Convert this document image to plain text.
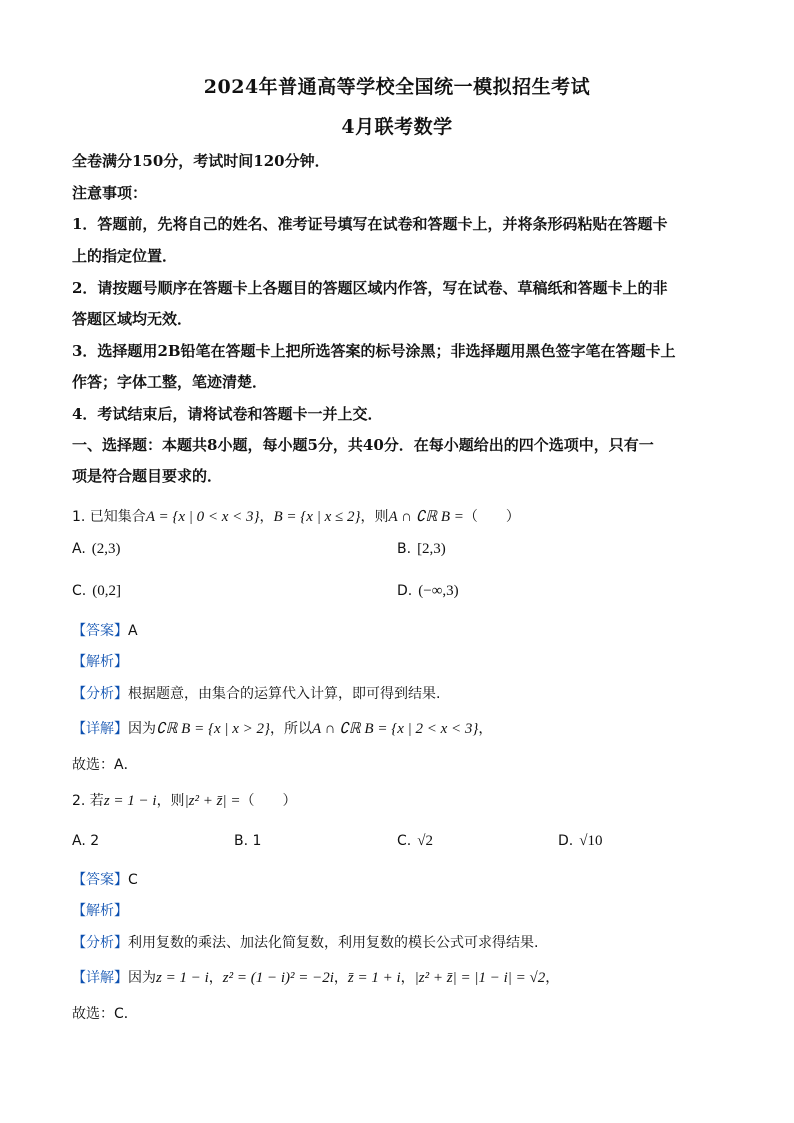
2024年普通高等学校全国统一模拟招生考试
4月联考数学
全卷满分150分，考试时间120分钟．
注意事项：
1．答题前，先将自己的姓名、准考证号填写在试卷和答题卡上，并将条形码粘贴在答题卡
上的指定位置．
2．请按题号顺序在答题卡上各题目的答题区域内作答，写在试卷、草稿纸和答题卡上的非
答题区域均无效．
3．选择题用2B铅笔在答题卡上把所选答案的标号涂黑；非选择题用黑色签字笔在答题卡上
作答；字体工整，笔迹清楚．
4．考试结束后，请将试卷和答题卡一并上交．
一、选择题：本题共8小题，每小题5分，共40分．在每小题给出的四个选项中，只有一
项是符合题目要求的．
1. 已知集合A = {x | 0 < x < 3}，B = {x | x ≤ 2}，则A ∩ ∁ℝ B =（　　）
A. (2,3)	B. [2,3)
C. (0,2]	D. (−∞,3)
【答案】A
【解析】
【分析】根据题意，由集合的运算代入计算，即可得到结果.
【详解】因为∁ℝ B = {x | x > 2}，所以A ∩ ∁ℝ B = {x | 2 < x < 3}，
故选：A．
2. 若z = 1 − i，则|z² + z̄| =（　　）
A. 2	B. 1	C. √2	D. √10
【答案】C
【解析】
【分析】利用复数的乘法、加法化简复数，利用复数的模长公式可求得结果.
【详解】因为z = 1 − i，z² = (1 − i)² = −2i，z̄ = 1 + i，|z² + z̄| = |1 − i| = √2，
故选：C．
